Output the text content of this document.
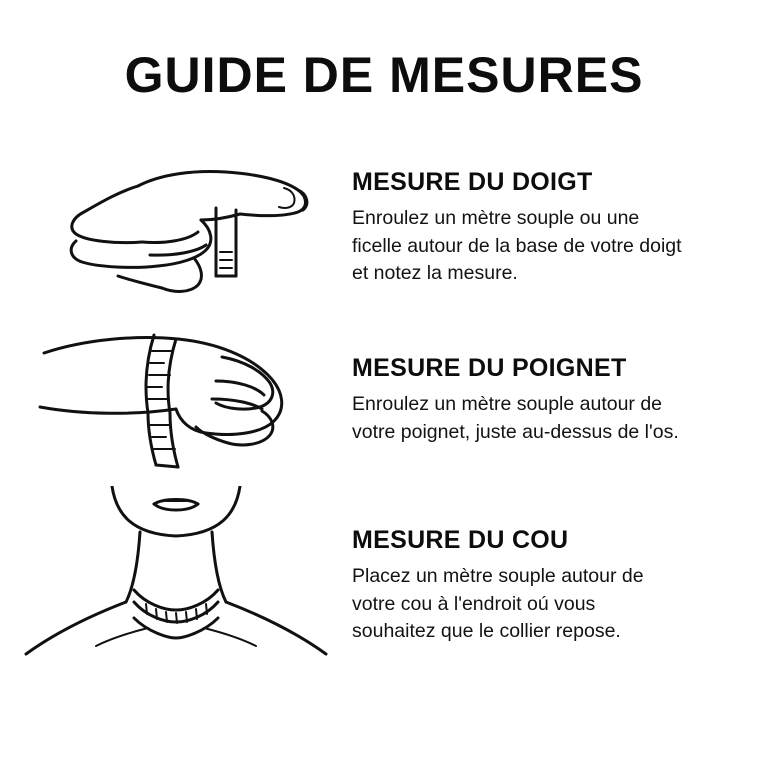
GUIDE DE MESURES
MESURE DU DOIGT

Enroulez un mètre souple ou une ficelle autour de la base de votre doigt et notez la mesure.

MESURE DU POIGNET

Enroulez un mètre souple autour de votre poignet, juste au-dessus de l'os.

MESURE DU COU

Placez un mètre souple autour de votre cou à l'endroit oú vous souhaitez que le collier repose.
